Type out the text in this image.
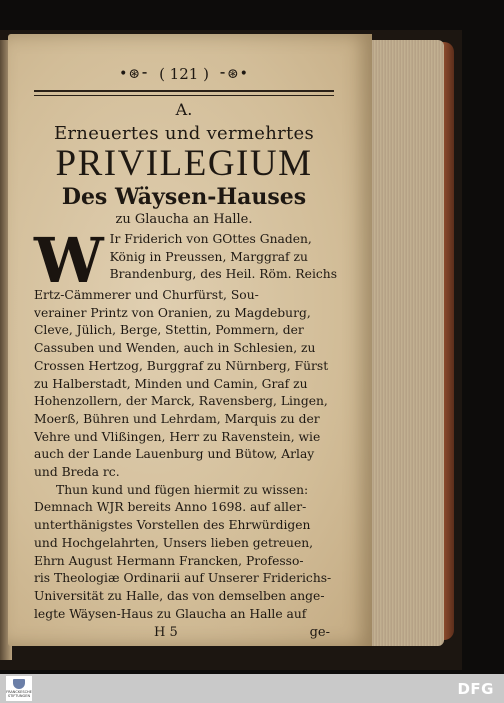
•⊛⁃ ( 121 ) ⁃⊛•
A.
Erneuertes und vermehrtes
PRIVILEGIUM
Des Wäysen-Hauses
zu Glaucha an Halle.
W Ir Friderich von GOttes Gnaden,
König in Preussen, Marggraf zu
Brandenburg, des Heil. Röm. Reichs
Ertz-Cämmerer und Churfürst, Sou-
verainer Printz von Oranien, zu Magdeburg,
Cleve, Jülich, Berge, Stettin, Pommern, der
Cassuben und Wenden, auch in Schlesien, zu
Crossen Hertzog, Burggraf zu Nürnberg, Fürst
zu Halberstadt, Minden und Camin, Graf zu
Hohenzollern, der Marck, Ravensberg, Lingen,
Moerß, Bühren und Lehrdam, Marquis zu der
Vehre und Vlißingen, Herr zu Ravenstein, wie
auch der Lande Lauenburg und Bütow, Arlay
und Breda rc.
Thun kund und fügen hiermit zu wissen:
Demnach WJR bereits Anno 1698. auf aller-
unterthänigstes Vorstellen des Ehrwürdigen
und Hochgelahrten, Unsers lieben getreuen,
Ehrn August Hermann Francken, Professo-
ris Theologiæ Ordinarii auf Unserer Friderichs-
Universität zu Halle, das von demselben ange-
legte Wäysen-Haus zu Glaucha an Halle auf
H 5	ge-
FRANCKESCHE
STIFTUNGEN	DFG
